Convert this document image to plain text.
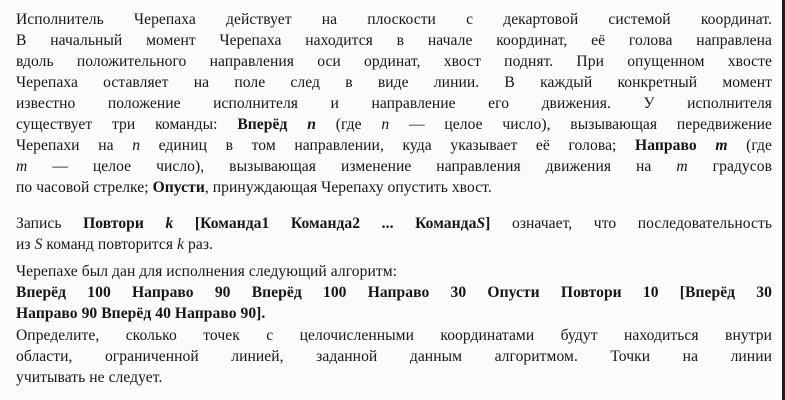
Исполнитель Черепаха действует на плоскости с декартовой системой координат.
В начальный момент Черепаха находится в начале координат, её голова направлена
вдоль положительного направления оси ординат, хвост поднят. При опущенном хвосте
Черепаха оставляет на поле след в виде линии. В каждый конкретный момент
известно положение исполнителя и направление его движения. У исполнителя
существует три команды: Вперёд n (где n — целое число), вызывающая передвижение
Черепахи на n единиц в том направлении, куда указывает её голова; Направо m (где
m — целое число), вызывающая изменение направления движения на m градусов
по часовой стрелке; Опусти, принуждающая Черепаху опустить хвост.
Запись Повтори k [Команда1 Команда2 ... КомандаS] означает, что последовательность
из S команд повторится k раз.
Черепахе был дан для исполнения следующий алгоритм:
Вперёд 100 Направо 90 Вперёд 100 Направо 30 Опусти Повтори 10 [Вперёд 30
Направо 90 Вперёд 40 Направо 90].
Определите, сколько точек с целочисленными координатами будут находиться внутри
области, ограниченной линией, заданной данным алгоритмом. Точки на линии
учитывать не следует.
